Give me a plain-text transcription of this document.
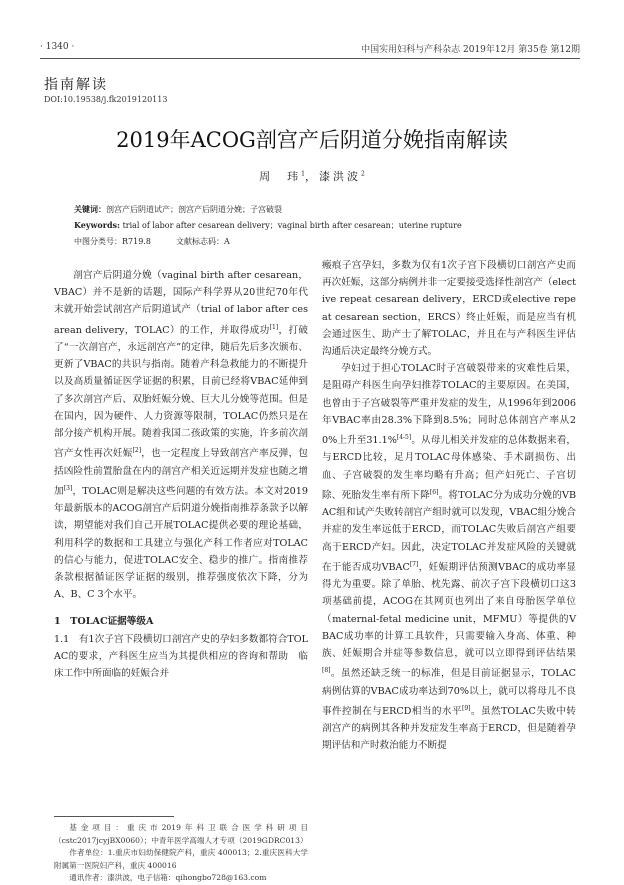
· 1340 ·	中国实用妇科与产科杂志 2019年12月 第35卷 第12期
指南解读
DOI:10.19538/j.fk2019120113
2019年ACOG剖宫产后阴道分娩指南解读
周　玮$^1$，漆洪波$^2$
关键词：剖宫产后阴道试产；剖宫产后阴道分娩；子宫破裂
Keywords: trial of labor after cesarean delivery；vaginal birth after cesarean；uterine rupture
中图分类号：R719.8	文献标志码：A

剖宫产后阴道分娩（vaginal birth after cesarean，VBAC）并不是新的话题，国际产科学界从20世纪70年代末就开始尝试剖宫产后阴道试产（trial of labor after cesarean delivery，TOLAC）的工作，并取得成功[1]，打破了“一次剖宫产，永远剖宫产”的定律，随后先后多次颁布、更新了VBAC的共识与指南。随着产科急救能力的不断提升以及高质量循证医学证据的积累，目前已经将VBAC延伸到了多次剖宫产后、双胎妊娠分娩、巨大儿分娩等范围。但是在国内，因为硬件、人力资源等限制，TOLAC仍然只是在部分接产机构开展。随着我国二孩政策的实施，许多前次剖宫产女性再次妊娠[2]，也一定程度上导致剖宫产率反弹，包括凶险性前置胎盘在内的剖宫产相关近远期并发症也随之增加[3]，TOLAC则是解决这些问题的有效方法。本文对2019年最新版本的ACOG剖宫产后阴道分娩指南推荐条款予以解读，期望能对我们自己开展TOLAC提供必要的理论基础，利用科学的数据和工具建立与强化产科工作者应对TOLAC的信心与能力，促进TOLAC安全、稳步的推广。指南推荐条款根据循证医学证据的级别，推荐强度依次下降，分为A、B、C 3个水平。

1　TOLAC证据等级A

1.1　有1次子宫下段横切口剖宫产史的孕妇多数都符合TOLAC的要求，产科医生应当为其提供相应的咨询和帮助　临床工作中所面临的妊娠合并

瘢痕子宫孕妇，多数为仅有1次子宫下段横切口剖宫产史而再次妊娠，这部分病例并非一定要接受选择性剖宫产（elective repeat cesarean delivery，ERCD或elective repeat cesarean section，ERCS）终止妊娠，而是应当有机会通过医生、助产士了解TOLAC，并且在与产科医生评估沟通后决定最终分娩方式。

孕妇过于担心TOLAC时子宫破裂带来的灾难性后果，是阻碍产科医生向孕妇推荐TOLAC的主要原因。在美国，也曾由于子宫破裂等严重并发症的发生，从1996年到2006年VBAC率由28.3%下降到8.5%；同时总体剖宫产率从20%上升至31.1%[4-5]。从母儿相关并发症的总体数据来看，与ERCD比较，足月TOLAC母体感染、手术副损伤、出血、子宫破裂的发生率均略有升高；但产妇死亡、子宫切除、死胎发生率有所下降[6]。将TOLAC分为成功分娩的VBAC组和试产失败转剖宫产组时就可以发现，VBAC组分娩合并症的发生率远低于ERCD，而TOLAC失败后剖宫产组要高于ERCD产妇。因此，决定TOLAC并发症风险的关键就在于能否成功VBAC[7]，妊娠期评估预测VBAC的成功率显得尤为重要。除了单胎、枕先露、前次子宫下段横切口这3项基础前提，ACOG在其网页也列出了来自母胎医学单位（maternal-fetal medicine unit，MFMU）等提供的VBAC成功率的计算工具软件，只需要输入身高、体重、种族、妊娠期合并症等参数信息，就可以立即得到评估结果[8]。虽然还缺乏统一的标准，但是目前证据显示，TOLAC病例估算的VBAC成功率达到70%以上，就可以将母儿不良事件控制在与ERCD相当的水平[9]。虽然TOLAC失败中转剖宫产的病例其各种并发症发生率高于ERCD，但是随着孕期评估和产时救治能力不断提

基金项目：重庆市2019年科卫联合医学科研项目（cstc2017jcyjBX0060）；中青年医学高端人才专项（2019GDRC013）

作者单位：1.重庆市妇幼保健院产科，重庆 400013；2.重庆医科大学附属第一医院妇产科，重庆 400016

通讯作者：漆洪波，电子信箱：qihongbo728@163.com
